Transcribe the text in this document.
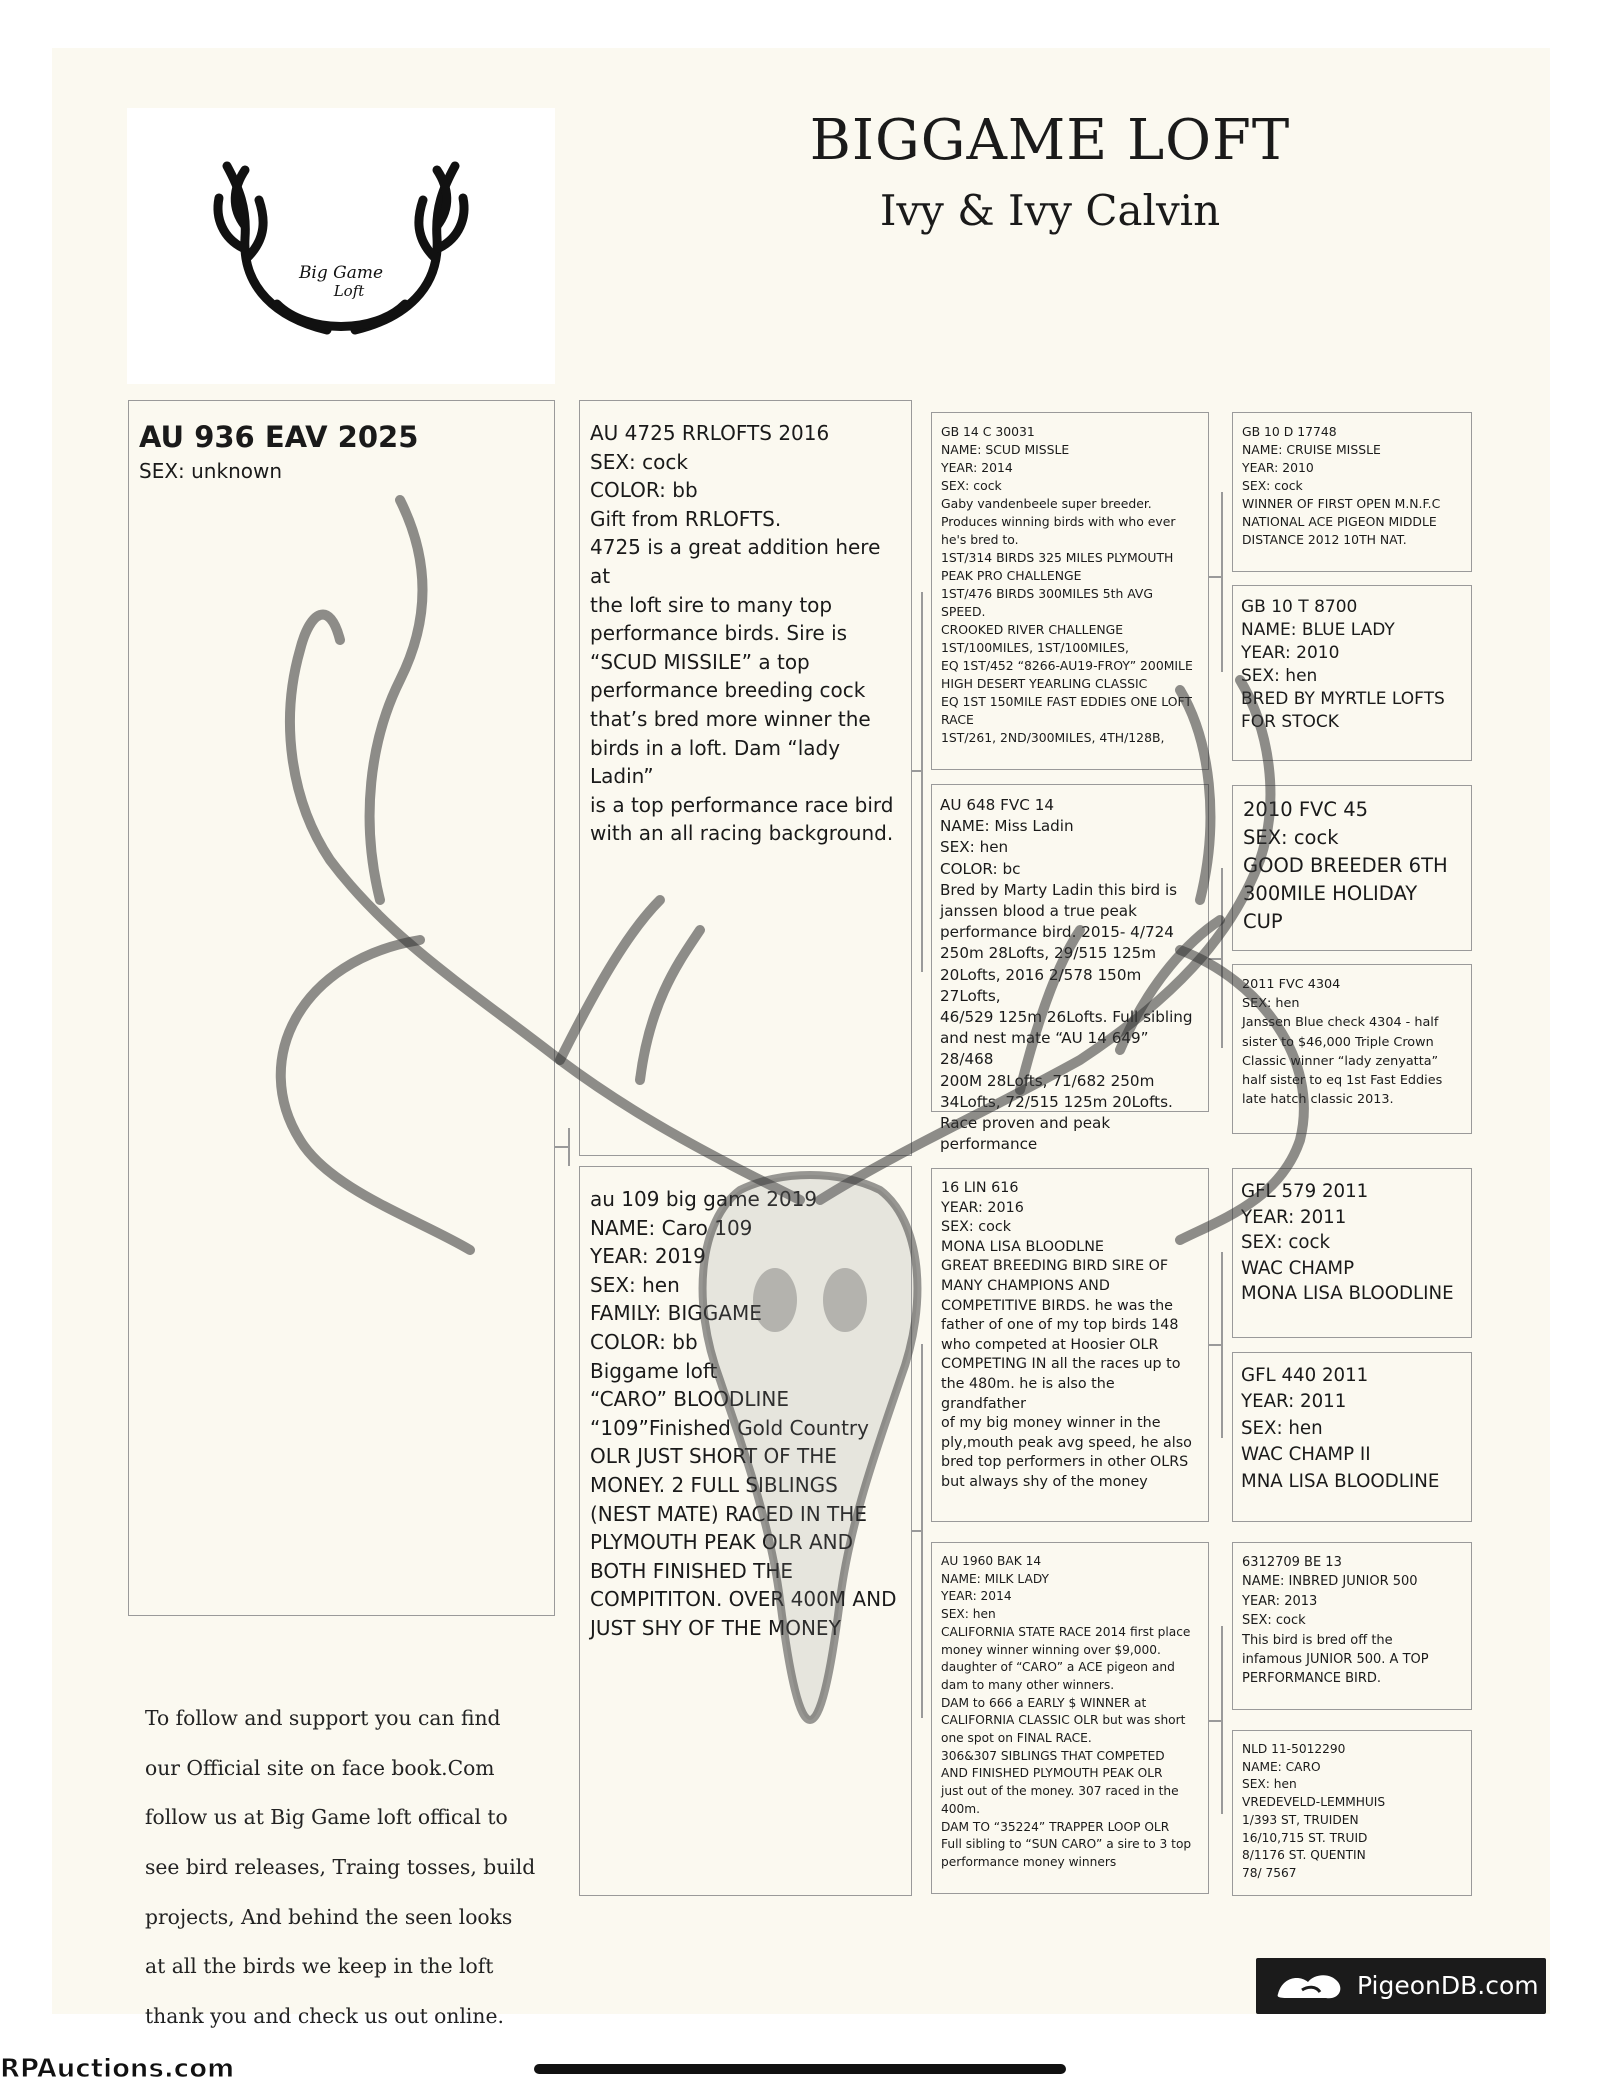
Big Game
Loft
BIGGAME LOFT
Ivy & Ivy Calvin

AU 936 EAV 2025

SEX: unknown

AU 4725 RRLOFTS 2016

SEX: cock

COLOR: bb

Gift from RRLOFTS.

4725 is a great addition here at

the loft sire to many top

performance birds. Sire is

“SCUD MISSILE” a top

performance breeding cock

that’s bred more winner the

birds in a loft. Dam “lady Ladin”

is a top performance race bird

with an all racing background.

au 109 big game 2019

NAME: Caro 109

YEAR: 2019

SEX: hen

FAMILY: BIGGAME

COLOR: bb

Biggame loft

“CARO” BLOODLINE

“109”Finished Gold Country

OLR JUST SHORT OF THE

MONEY. 2 FULL SIBLINGS

(NEST MATE) RACED IN THE

PLYMOUTH PEAK OLR AND

BOTH FINISHED THE

COMPITITON. OVER 400M AND

JUST SHY OF THE MONEY

GB 14 C 30031

NAME: SCUD MISSLE

YEAR: 2014

SEX: cock

Gaby vandenbeele super breeder.

Produces winning birds with who ever

he's bred to.

1ST/314 BIRDS 325 MILES PLYMOUTH

PEAK PRO CHALLENGE

1ST/476 BIRDS 300MILES 5th AVG SPEED.

CROOKED RIVER CHALLENGE

1ST/100MILES, 1ST/100MILES,

EQ 1ST/452 “8266-AU19-FROY” 200MILE

HIGH DESERT YEARLING CLASSIC

EQ 1ST 150MILE FAST EDDIES ONE LOFT

RACE

1ST/261, 2ND/300MILES, 4TH/128B,

AU 648 FVC 14

NAME: Miss Ladin

SEX: hen

COLOR: bc

Bred by Marty Ladin this bird is

janssen blood a true peak

performance bird. 2015- 4/724

250m 28Lofts, 29/515 125m

20Lofts, 2016 2/578 150m 27Lofts,

46/529 125m 26Lofts. Full sibling

and nest mate “AU 14 649” 28/468

200M 28Lofts, 71/682 250m

34Lofts, 72/515 125m 20Lofts.

Race proven and peak

performance

16 LIN 616

YEAR: 2016

SEX: cock

MONA LISA BLOODLNE

GREAT BREEDING BIRD SIRE OF

MANY CHAMPIONS AND

COMPETITIVE BIRDS. he was the

father of one of my top birds 148

who competed at Hoosier OLR

COMPETING IN all the races up to

the 480m. he is also the grandfather

of my big money winner in the

ply,mouth peak avg speed, he also

bred top performers in other OLRS

but always shy of the money

AU 1960 BAK 14

NAME: MILK LADY

YEAR: 2014

SEX: hen

CALIFORNIA STATE RACE 2014 first place

money winner winning over $9,000.

daughter of “CARO” a ACE pigeon and

dam to many other winners.

DAM to 666 a EARLY $ WINNER at

CALIFORNIA CLASSIC OLR but was short

one spot on FINAL RACE.

306&307 SIBLINGS THAT COMPETED

AND FINISHED PLYMOUTH PEAK OLR

just out of the money. 307 raced in the

400m.

DAM TO “35224” TRAPPER LOOP OLR

Full sibling to “SUN CARO” a sire to 3 top

performance money winners

GB 10 D 17748

NAME: CRUISE MISSLE

YEAR: 2010

SEX: cock

WINNER OF FIRST OPEN M.N.F.C

NATIONAL ACE PIGEON MIDDLE

DISTANCE 2012 10TH NAT.

GB 10 T 8700

NAME: BLUE LADY

YEAR: 2010

SEX: hen

BRED BY MYRTLE LOFTS

FOR STOCK

2010 FVC 45

SEX: cock

GOOD BREEDER 6TH

300MILE HOLIDAY

CUP

2011 FVC 4304

SEX: hen

Janssen Blue check 4304 - half

sister to $46,000 Triple Crown

Classic winner “lady zenyatta”

half sister to eq 1st Fast Eddies

late hatch classic 2013.

GFL 579 2011

YEAR: 2011

SEX: cock

WAC CHAMP

MONA LISA BLOODLINE

GFL 440 2011

YEAR: 2011

SEX: hen

WAC CHAMP II

MNA LISA BLOODLINE

6312709 BE 13

NAME: INBRED JUNIOR 500

YEAR: 2013

SEX: cock

This bird is bred off the

infamous JUNIOR 500. A TOP

PERFORMANCE BIRD.

NLD 11-5012290

NAME: CARO

SEX: hen

VREDEVELD-LEMMHUIS

1/393 ST, TRUIDEN

16/10,715 ST. TRUID

8/1176 ST. QUENTIN

78/ 7567

To follow and support you can find

our Official site on face book.Com

follow us at Big Game loft offical to

see bird releases, Traing tosses, build

projects, And behind the seen looks

at all the birds we keep in the loft

thank you and check us out online.

PigeonDB.com
RPAuctions.com
